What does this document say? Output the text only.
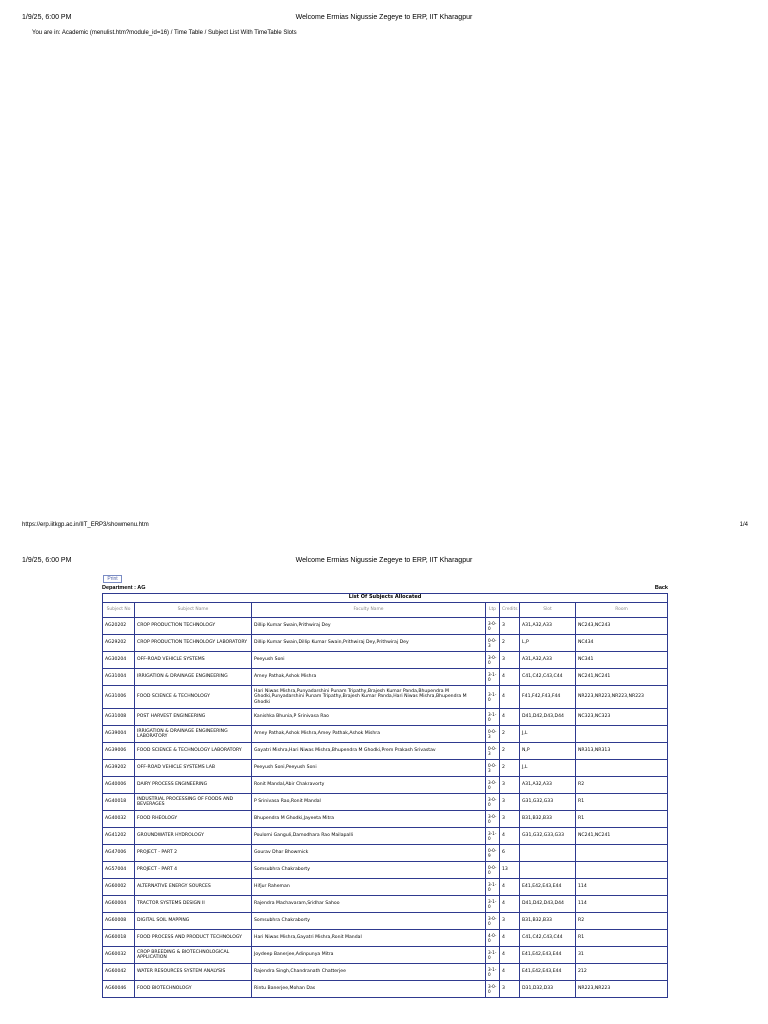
1/9/25, 6:00 PM	Welcome Ermias Nigussie Zegeye to ERP, IIT Kharagpur
You are in: Academic (menulist.htm?module_id=16) / Time Table / Subject List With TimeTable Slots
https://erp.iitkgp.ac.in/IIT_ERP3/showmenu.htm	1/4
1/9/25, 6:00 PM	Welcome Ermias Nigussie Zegeye to ERP, IIT Kharagpur
Print
Department : AG	Back
List Of Subjects Allocated						
Subject No	Subject Name	Faculty Name	Ltp	Credits	Slot	Room
AG20202	CROP PRODUCTION TECHNOLOGY	Dillip Kumar Swain,Prithwiraj Dey	3-0-0	3	A31,A32,A33	NC243,NC243
AG29202	CROP PRODUCTION TECHNOLOGY LABORATORY	Dillip Kumar Swain,Dillip Kumar Swain,Prithwiraj Dey,Prithwiraj Dey	0-0-3	2	L,P	NC434
AG30204	OFF-ROAD VEHICLE SYSTEMS	Peeyush Soni	3-0-0	3	A31,A32,A33	NC341
AG31004	IRRIGATION & DRAINAGE ENGINEERING	Amey Pathak,Ashok Mishra	3-1-0	4	C41,C42,C43,C44	NC241,NC241
AG31006	FOOD SCIENCE & TECHNOLOGY	Hari Niwas Mishra,Punyadarshini Punam Tripathy,Brajesh Kumar Panda,Bhupendra M Ghodki,Punyadarshini Punam Tripathy,Brajesh Kumar Panda,Hari Niwas Mishra,Bhupendra M Ghodki	3-1-0	4	F41,F42,F43,F44	NR223,NR223,NR223,NR223
AG31008	POST HARVEST ENGINEERING	Kanishka Bhunia,P Srinivasa Rao	3-1-0	4	D41,D42,D43,D44	NC323,NC323
AG39004	IRRIGATION & DRAINAGE ENGINEERING LABORATORY	Amey Pathak,Ashok Mishra,Amey Pathak,Ashok Mishra	0-0-3	2	J,L	
AG39006	FOOD SCIENCE & TECHNOLOGY LABORATORY	Gayatri Mishra,Hari Niwas Mishra,Bhupendra M Ghodki,Prem Prakash Srivastav	0-0-3	2	N,P	NR313,NR313
AG39202	OFF-ROAD VEHICLE SYSTEMS LAB	Peeyush Soni,Peeyush Soni	0-0-3	2	J,L	
AG40006	DAIRY PROCESS ENGINEERING	Ronit Mandal,Abir Chakravorty	3-0-0	3	A31,A32,A33	R2
AG40018	INDUSTRIAL PROCESSING OF FOODS AND BEVERAGES	P Srinivasa Rao,Ronit Mandal	3-0-0	3	G31,G32,G33	R1
AG40032	FOOD RHEOLOGY	Bhupendra M Ghodki,Jayeeta Mitra	3-0-0	3	B31,B32,B33	R1
AG41202	GROUNDWATER HYDROLOGY	Poulomi Ganguli,Damodhara Rao Mailapalli	3-1-0	4	G31,G32,G33,G33	NC241,NC241
AG47006	PROJECT - PART 2	Gourav Dhar Bhowmick	0-0-9	6		
AG57004	PROJECT - PART 4	Somsubhra Chakraborty	0-0-0	13		
AG60002	ALTERNATIVE ENERGY SOURCES	Hifjur Raheman	3-1-0	4	E41,E42,E43,E44	114
AG60004	TRACTOR SYSTEMS DESIGN II	Rajendra Machavaram,Sridhar Sahoo	3-1-0	4	D41,D42,D43,D44	114
AG60008	DIGITAL SOIL MAPPING	Somsubhra Chakraborty	3-0-0	3	B31,B32,B33	R2
AG60018	FOOD PROCESS AND PRODUCT TECHNOLOGY	Hari Niwas Mishra,Gayatri Mishra,Ronit Mandal	4-0-0	4	C41,C42,C43,C44	R1
AG60032	CROP BREEDING & BIOTECHNOLOGICAL APPLICATION	Joydeep Banerjee,Adinpunya Mitra	3-1-0	4	E41,E42,E43,E44	31
AG60042	WATER RESOURCES SYSTEM ANALYSIS	Rajendra Singh,Chandranath Chatterjee	3-1-0	4	E41,E42,E43,E44	212
AG60046	FOOD BIOTECHNOLOGY	Rintu Banerjee,Mohan Das	3-0-0	3	D31,D32,D33	NR223,NR223
